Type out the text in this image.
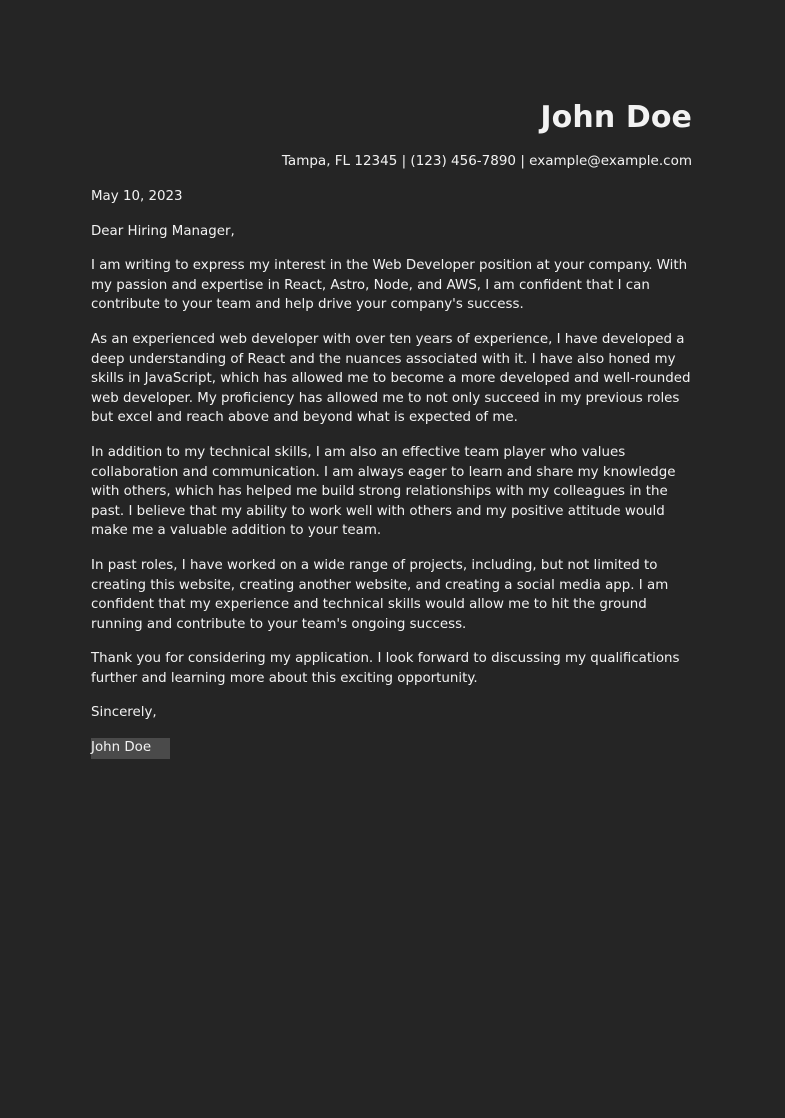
John Doe
Tampa, FL 12345 | (123) 456-7890 | example@example.com

May 10, 2023

Dear Hiring Manager,

I am writing to express my interest in the Web Developer position at your company. With my passion and expertise in React, Astro, Node, and AWS, I am confident that I can contribute to your team and help drive your company's success.

As an experienced web developer with over ten years of experience, I have developed a deep understanding of React and the nuances associated with it. I have also honed my skills in JavaScript, which has allowed me to become a more developed and well-rounded web developer. My proficiency has allowed me to not only succeed in my previous roles but excel and reach above and beyond what is expected of me.

In addition to my technical skills, I am also an effective team player who values collaboration and communication. I am always eager to learn and share my knowledge with others, which has helped me build strong relationships with my colleagues in the past. I believe that my ability to work well with others and my positive attitude would make me a valuable addition to your team.

In past roles, I have worked on a wide range of projects, including, but not limited to creating this website, creating another website, and creating a social media app. I am confident that my experience and technical skills would allow me to hit the ground running and contribute to your team's ongoing success.

Thank you for considering my application. I look forward to discussing my qualifications further and learning more about this exciting opportunity.

Sincerely,

John Doe
